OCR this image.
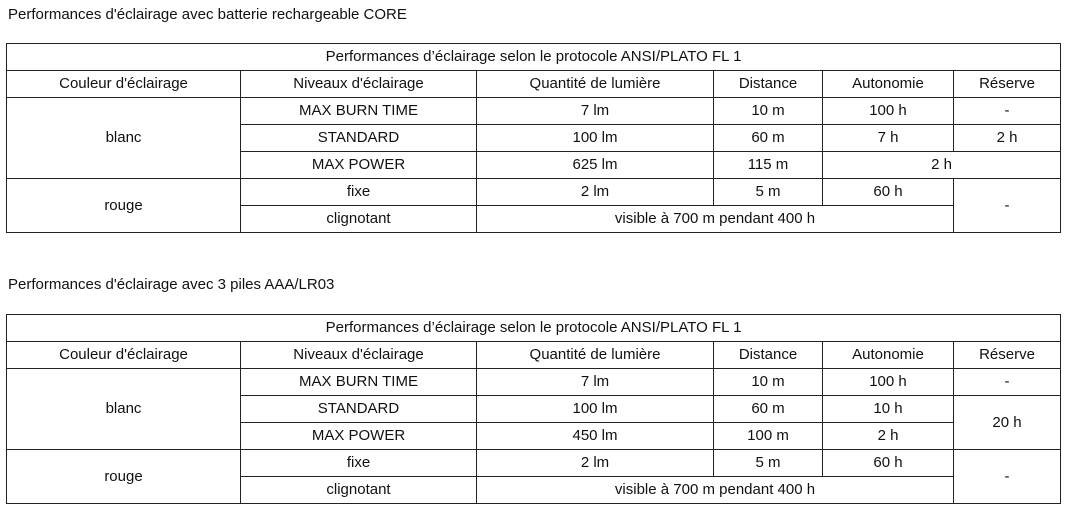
Performances d'éclairage avec batterie rechargeable CORE
Performances d’éclairage selon le protocole ANSI/PLATO FL 1					
Couleur d'éclairage	Niveaux d'éclairage	Quantité de lumière	Distance	Autonomie	Réserve
blanc	MAX BURN TIME	7 lm	10 m	100 h	-
	STANDARD	100 lm	60 m	7 h	2 h
	MAX POWER	625 lm	115 m	2 h	
rouge	fixe	2 lm	5 m	60 h	-
	clignotant	visible à 700 m pendant 400 h			
Performances d'éclairage avec 3 piles AAA/LR03
Performances d’éclairage selon le protocole ANSI/PLATO FL 1					
Couleur d'éclairage	Niveaux d'éclairage	Quantité de lumière	Distance	Autonomie	Réserve
blanc	MAX BURN TIME	7 lm	10 m	100 h	-
	STANDARD	100 lm	60 m	10 h	20 h
	MAX POWER	450 lm	100 m	2 h	
rouge	fixe	2 lm	5 m	60 h	-
	clignotant	visible à 700 m pendant 400 h			
